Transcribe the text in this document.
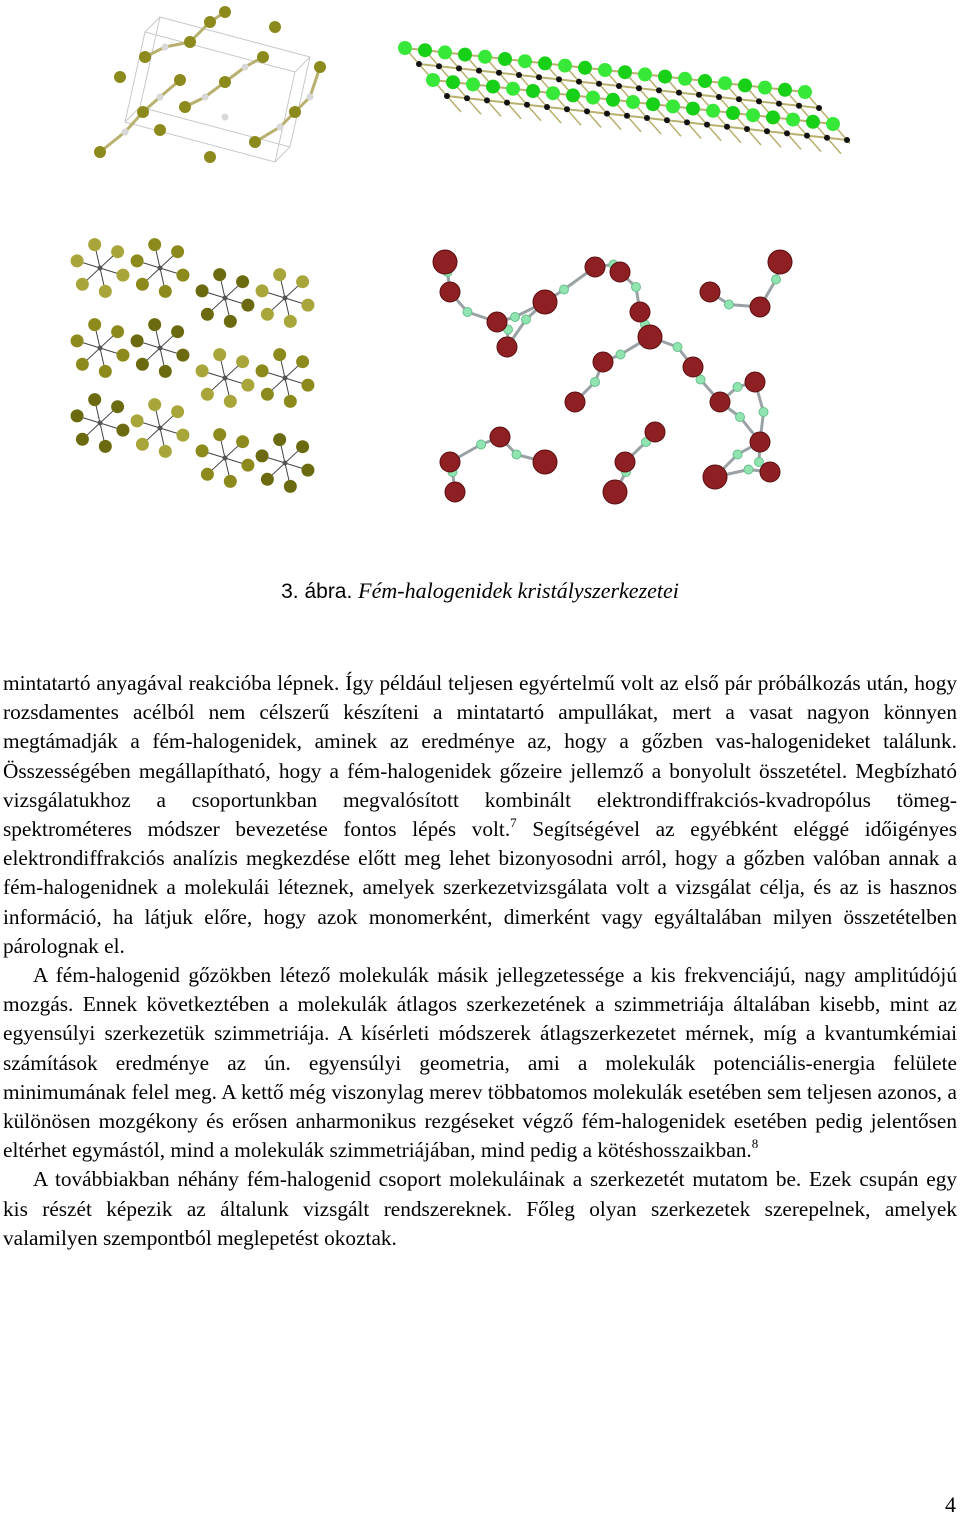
3. ábra. Fém-halogenidek kristályszerkezetei

mintatartó anyagával reakcióba lépnek. Így például teljesen egyértelmű volt az első pár próbálkozás után, hogy rozsdamentes acélból nem célszerű készíteni a mintatartó ampullákat, mert a vasat nagyon könnyen megtámadják a fém-halogenidek, aminek az eredménye az, hogy a gőzben vas-halogenideket találunk. Összességében megállapítható, hogy a fém-halogenidek gőzeire jellemző a bonyolult összetétel. Megbízható vizsgálatukhoz a csoportunkban megvalósított kombinált elektrondiffrakciós-kvadropólus tömeg-spektrométeres módszer bevezetése fontos lépés volt.$^7$ Segítségével az egyébként eléggé időigényes elektrondiffrakciós analízis megkezdése előtt meg lehet bizonyosodni arról, hogy a gőzben valóban annak a fém-halogenidnek a molekulái léteznek, amelyek szerkezetvizsgálata volt a vizsgálat célja, és az is hasznos információ, ha látjuk előre, hogy azok monomerként, dimerként vagy egyáltalában milyen összetételben párolognak el.

A fém-halogenid gőzökben létező molekulák másik jellegzetessége a kis frekvenciájú, nagy amplitúdójú mozgás. Ennek következtében a molekulák átlagos szerkezetének a szimmetriája általában kisebb, mint az egyensúlyi szerkezetük szimmetriája. A kísérleti módszerek átlagszerkezetet mérnek, míg a kvantumkémiai számítások eredménye az ún. egyensúlyi geometria, ami a molekulák potenciális-energia felülete minimumának felel meg. A kettő még viszonylag merev többatomos molekulák esetében sem teljesen azonos, a különösen mozgékony és erősen anharmonikus rezgéseket végző fém-halogenidek esetében pedig jelentősen eltérhet egymástól, mind a molekulák szimmetriájában, mind pedig a kötéshosszaikban.$^8$

A továbbiakban néhány fém-halogenid csoport molekuláinak a szerkezetét mutatom be. Ezek csupán egy kis részét képezik az általunk vizsgált rendszereknek. Főleg olyan szerkezetek szerepelnek, amelyek valamilyen szempontból meglepetést okoztak.

4
